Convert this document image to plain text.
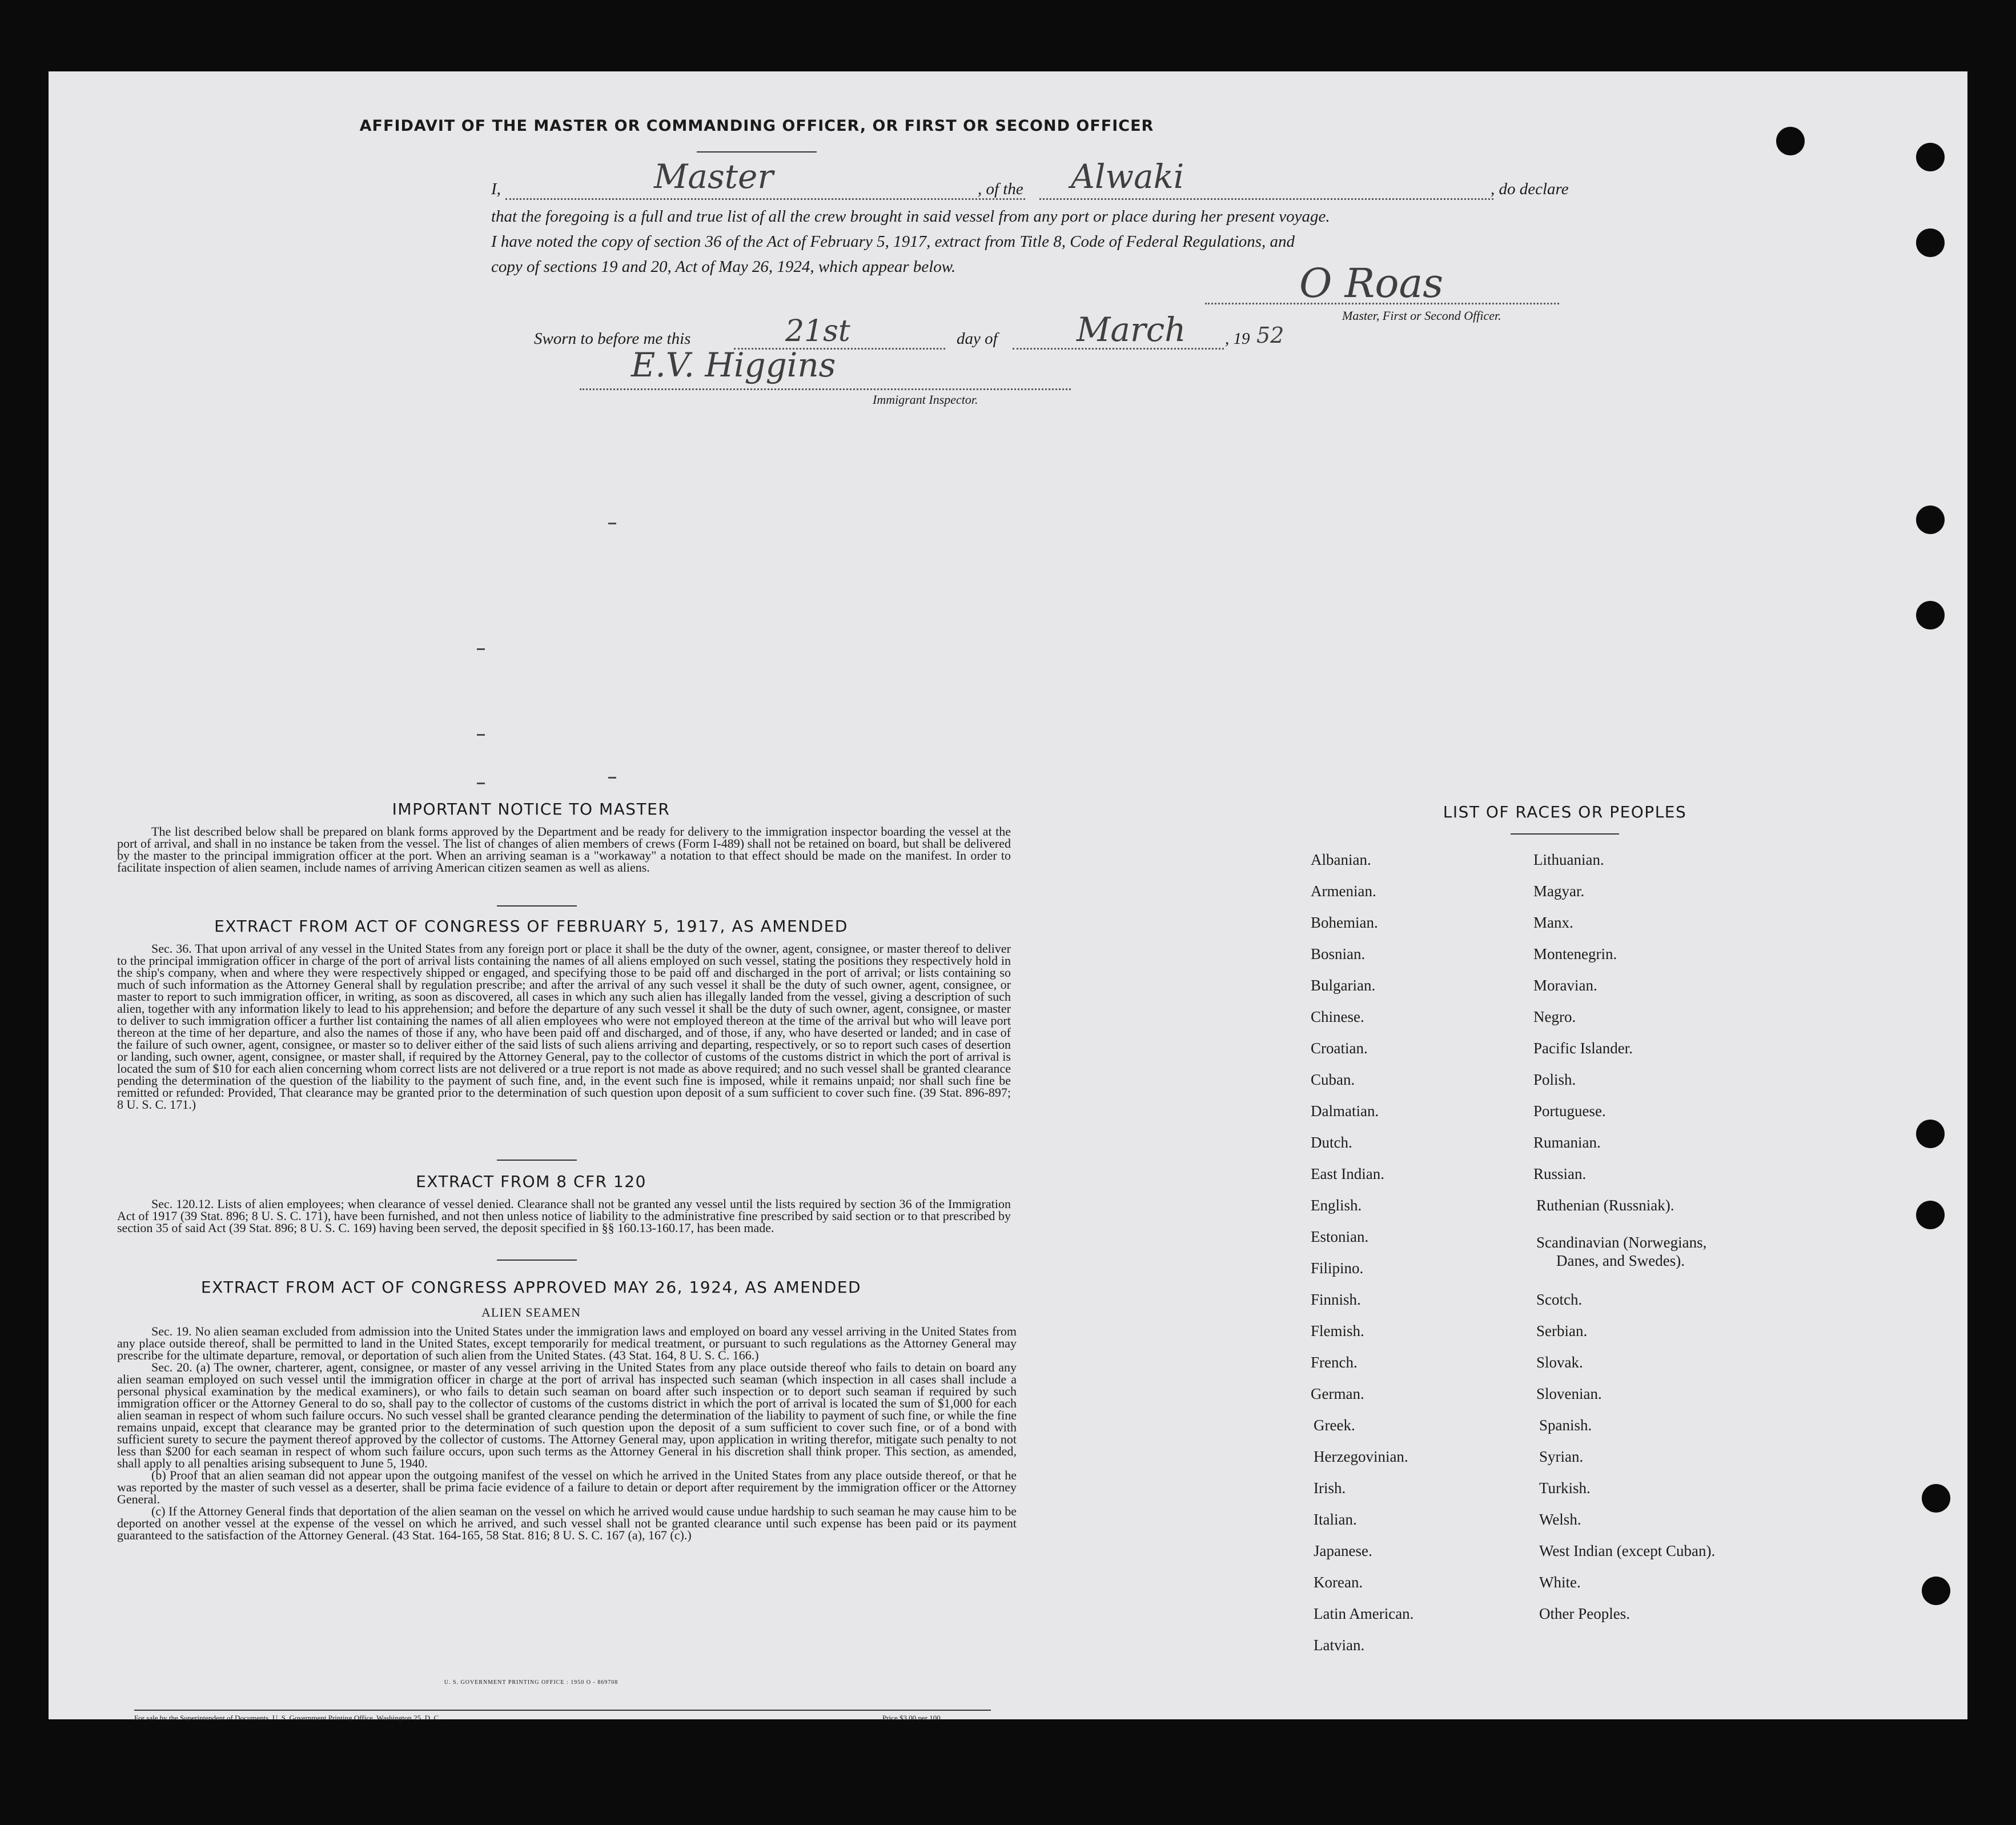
AFFIDAVIT OF THE MASTER OR COMMANDING OFFICER, OR FIRST OR SECOND OFFICER
I,	Master	, of the Alwaki	, do declare
that the foregoing is a full and true list of all the crew brought in said vessel from any port or place during her present voyage.
I have noted the copy of section 36 of the Act of February 5, 1917, extract from Title 8, Code of Federal Regulations, and
copy of sections 19 and 20, Act of May 26, 1924, which appear below.	O Roas
Master, First or Second Officer.
Sworn to before me this	21st	day of March , 19 52
E.V. Higgins
Immigrant Inspector.
IMPORTANT NOTICE TO MASTER
The list described below shall be prepared on blank forms approved by the Department and be ready for delivery to the immigration inspector boarding the vessel at the port of arrival, and shall in no instance be taken from the vessel. The list of changes of alien members of crews (Form I-489) shall not be retained on board, but shall be delivered by the master to the principal immigration officer at the port. When an arriving seaman is a "workaway" a notation to that effect should be made on the manifest. In order to facilitate inspection of alien seamen, include names of arriving American citizen seamen as well as aliens.
EXTRACT FROM ACT OF CONGRESS OF FEBRUARY 5, 1917, AS AMENDED
Sec. 36. That upon arrival of any vessel in the United States from any foreign port or place it shall be the duty of the owner, agent, consignee, or master thereof to deliver to the principal immigration officer in charge of the port of arrival lists containing the names of all aliens employed on such vessel, stating the positions they respectively hold in the ship's company, when and where they were respectively shipped or engaged, and specifying those to be paid off and discharged in the port of arrival; or lists containing so much of such information as the Attorney General shall by regulation prescribe; and after the arrival of any such vessel it shall be the duty of such owner, agent, consignee, or master to report to such immigration officer, in writing, as soon as discovered, all cases in which any such alien has illegally landed from the vessel, giving a description of such alien, together with any information likely to lead to his apprehension; and before the departure of any such vessel it shall be the duty of such owner, agent, consignee, or master to deliver to such immigration officer a further list containing the names of all alien employees who were not employed thereon at the time of the arrival but who will leave port thereon at the time of her departure, and also the names of those if any, who have been paid off and discharged, and of those, if any, who have deserted or landed; and in case of the failure of such owner, agent, consignee, or master so to deliver either of the said lists of such aliens arriving and departing, respectively, or so to report such cases of desertion or landing, such owner, agent, consignee, or master shall, if required by the Attorney General, pay to the collector of customs of the customs district in which the port of arrival is located the sum of $10 for each alien concerning whom correct lists are not delivered or a true report is not made as above required; and no such vessel shall be granted clearance pending the determination of the question of the liability to the payment of such fine, and, in the event such fine is imposed, while it remains unpaid; nor shall such fine be remitted or refunded: Provided, That clearance may be granted prior to the determination of such question upon deposit of a sum sufficient to cover such fine. (39 Stat. 896-897; 8 U. S. C. 171.)
EXTRACT FROM 8 CFR 120
Sec. 120.12. Lists of alien employees; when clearance of vessel denied. Clearance shall not be granted any vessel until the lists required by section 36 of the Immigration Act of 1917 (39 Stat. 896; 8 U. S. C. 171), have been furnished, and not then unless notice of liability to the administrative fine prescribed by said section or to that prescribed by section 35 of said Act (39 Stat. 896; 8 U. S. C. 169) having been served, the deposit specified in §§ 160.13-160.17, has been made.
EXTRACT FROM ACT OF CONGRESS APPROVED MAY 26, 1924, AS AMENDED
ALIEN SEAMEN
Sec. 19. No alien seaman excluded from admission into the United States under the immigration laws and employed on board any vessel arriving in the United States from any place outside thereof, shall be permitted to land in the United States, except temporarily for medical treatment, or pursuant to such regulations as the Attorney General may prescribe for the ultimate departure, removal, or deportation of such alien from the United States. (43 Stat. 164, 8 U. S. C. 166.)
Sec. 20. (a) The owner, charterer, agent, consignee, or master of any vessel arriving in the United States from any place outside thereof who fails to detain on board any alien seaman employed on such vessel until the immigration officer in charge at the port of arrival has inspected such seaman (which inspection in all cases shall include a personal physical examination by the medical examiners), or who fails to detain such seaman on board after such inspection or to deport such seaman if required by such immigration officer or the Attorney General to do so, shall pay to the collector of customs of the customs district in which the port of arrival is located the sum of $1,000 for each alien seaman in respect of whom such failure occurs. No such vessel shall be granted clearance pending the determination of the liability to payment of such fine, or while the fine remains unpaid, except that clearance may be granted prior to the determination of such question upon the deposit of a sum sufficient to cover such fine, or of a bond with sufficient surety to secure the payment thereof approved by the collector of customs. The Attorney General may, upon application in writing therefor, mitigate such penalty to not less than $200 for each seaman in respect of whom such failure occurs, upon such terms as the Attorney General in his discretion shall think proper. This section, as amended, shall apply to all penalties arising subsequent to June 5, 1940.
(b) Proof that an alien seaman did not appear upon the outgoing manifest of the vessel on which he arrived in the United States from any place outside thereof, or that he was reported by the master of such vessel as a deserter, shall be prima facie evidence of a failure to detain or deport after requirement by the immigration officer or the Attorney General.
(c) If the Attorney General finds that deportation of the alien seaman on the vessel on which he arrived would cause undue hardship to such seaman he may cause him to be deported on another vessel at the expense of the vessel on which he arrived, and such vessel shall not be granted clearance until such expense has been paid or its payment guaranteed to the satisfaction of the Attorney General. (43 Stat. 164-165, 58 Stat. 816; 8 U. S. C. 167 (a), 167 (c).)
U. S. GOVERNMENT PRINTING OFFICE : 1950 O - 869708
For sale by the Superintendent of Documents, U. S. Government Printing Office, Washington 25, D. C.	Price $3.00 per 100
LIST OF RACES OR PEOPLES
Albanian.
Armenian.
Bohemian.
Bosnian.
Bulgarian.
Chinese.
Croatian.
Cuban.
Dalmatian.
Dutch.
East Indian.
English.
Estonian.
Filipino.
Finnish.
Flemish.
French.
German.
Greek.
Herzegovinian.
Irish.
Italian.
Japanese.
Korean.
Latin American.
Latvian.
Lithuanian.
Magyar.
Manx.
Montenegrin.
Moravian.
Negro.
Pacific Islander.
Polish.
Portuguese.
Rumanian.
Russian.
Ruthenian (Russniak).
Scandinavian (Norwegians,
Danes, and Swedes).
Scotch.
Serbian.
Slovak.
Slovenian.
Spanish.
Syrian.
Turkish.
Welsh.
West Indian (except Cuban).
White.
Other Peoples.
